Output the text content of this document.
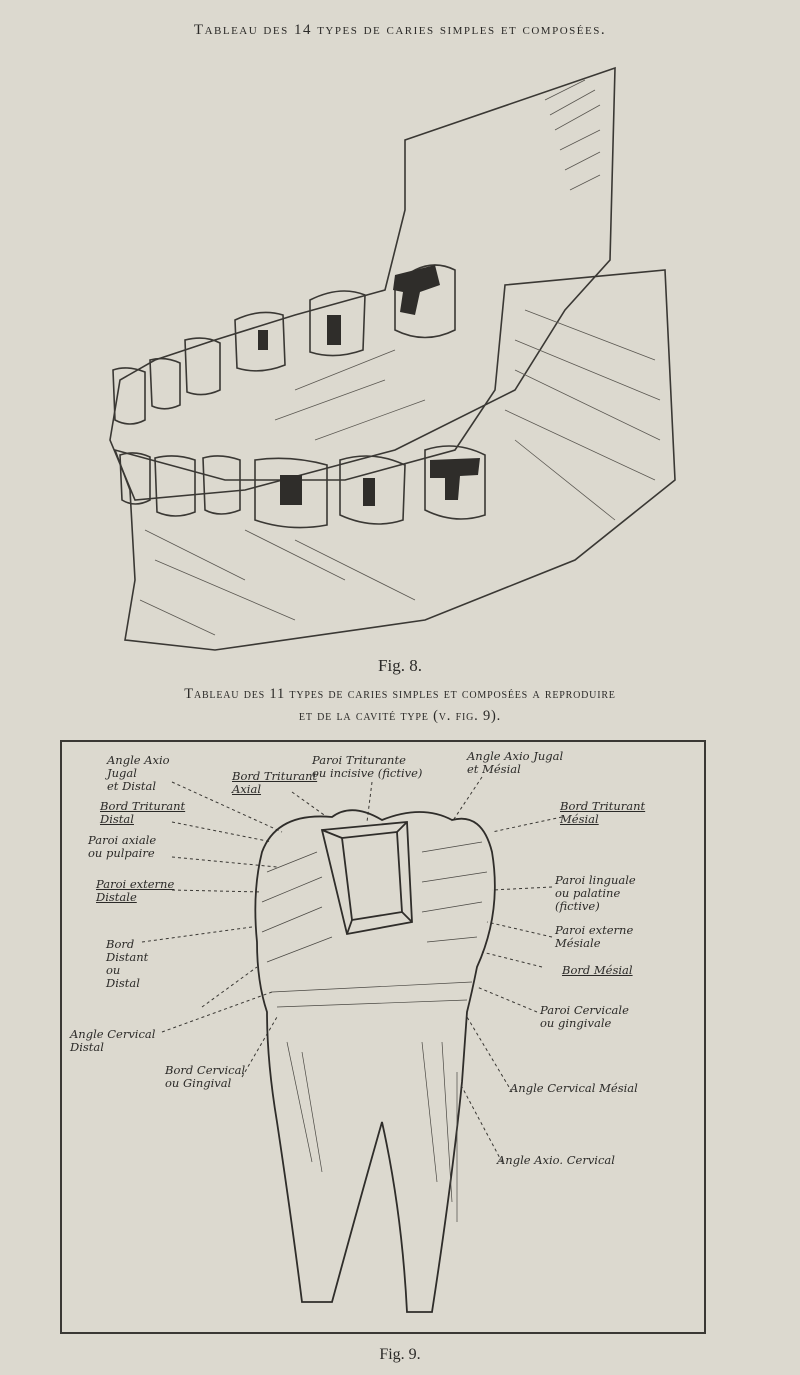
Tableau des 14 types de caries simples et composées.
Fig. 8.
Tableau des 11 types de caries simples et composées a reproduire
et de la cavité type (v. fig. 9).
Angle Axio
Jugal
et Distal
Bord Triturant
Axial
Paroi Triturante
ou incisive (fictive)
Angle Axio Jugal
et Mésial
Bord Triturant
Distal
Bord Triturant
Mésial
Paroi axiale
ou pulpaire
Paroi externe
Distale
Paroi linguale
ou palatine
(fictive)
Paroi externe
Mésiale
Bord
Distant
ou
Distal
Bord Mésial
Paroi Cervicale
ou gingivale
Angle Cervical
Distal
Bord Cervical
ou Gingival	Angle Cervical Mésial
Angle Axio. Cervical
Fig. 9.
